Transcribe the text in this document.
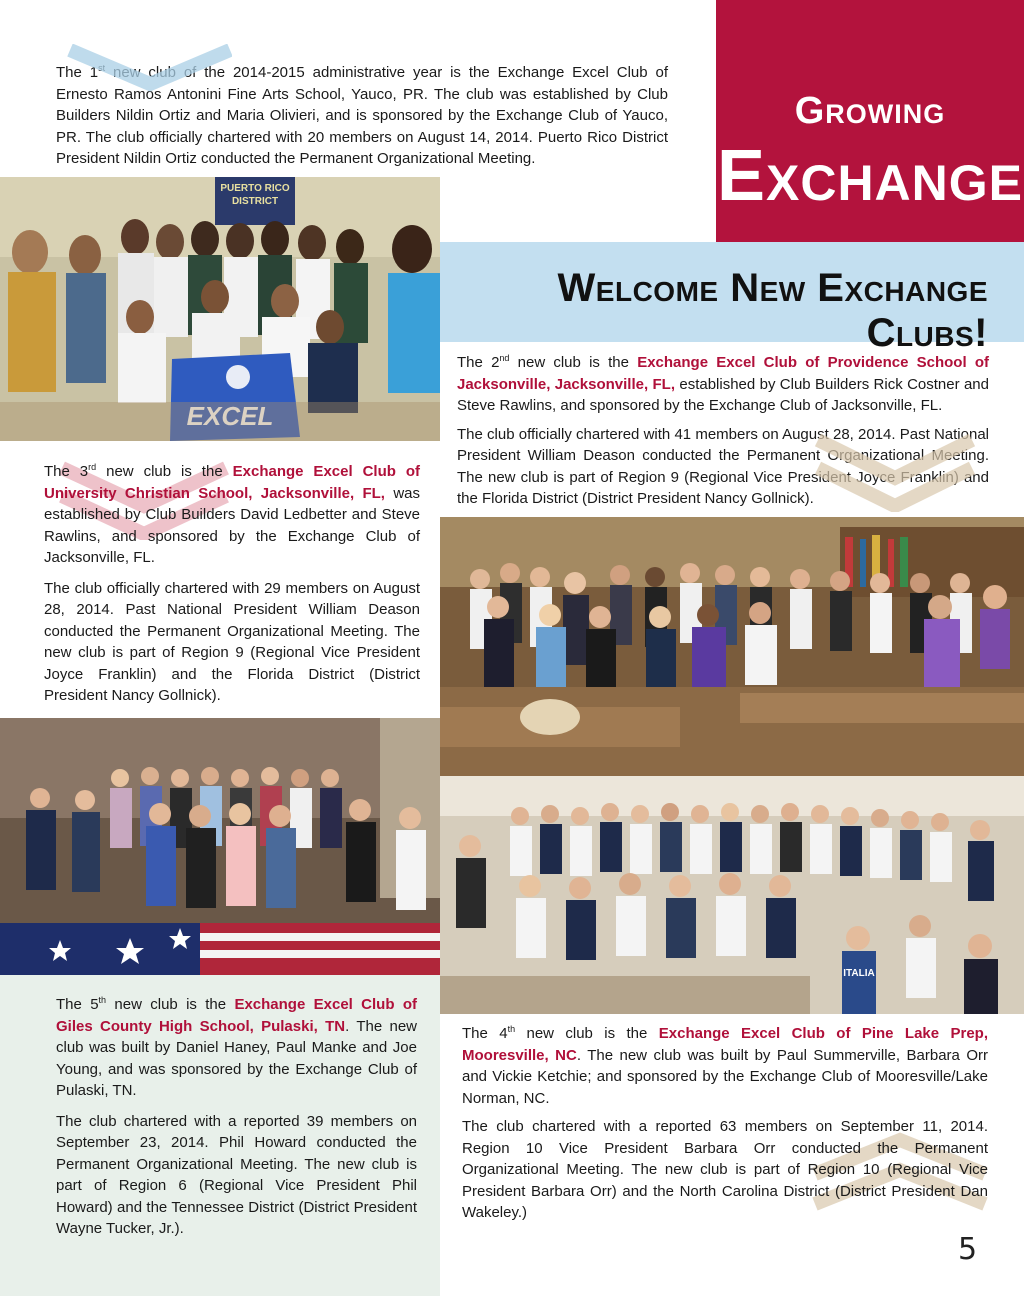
Growing
Exchange

The 1st new club of the 2014-2015 administrative year is the Exchange Excel Club of Ernesto Ramos Antonini Fine Arts School, Yauco, PR. The club was established by Club Builders Nildin Ortiz and Maria Olivieri, and is sponsored by the Exchange Club of Yauco, PR. The club officially chartered with 20 members on August 14, 2014. Puerto Rico District President Nildin Ortiz conducted the Permanent Organizational Meeting.

PUERTO RICO
DISTRICT
EXCEL
Welcome New Exchange Clubs!

The 2nd new club is the Exchange Excel Club of Providence School of Jacksonville, Jacksonville, FL, established by Club Builders Rick Costner and Steve Rawlins, and sponsored by the Exchange Club of Jacksonville, FL.

The club officially chartered with 41 members on August 28, 2014. Past National President William Deason conducted the Permanent Organizational Meeting. The new club is part of Region 9 (Regional Vice President Joyce Franklin) and the Florida District (District President Nancy Gollnick).

The 3rd new club is the Exchange Excel Club of University Christian School, Jacksonville, FL, was established by Club Builders David Ledbetter and Steve Rawlins, and sponsored by the Exchange Club of Jacksonville, FL.

The club officially chartered with 29 members on August 28, 2014. Past National President William Deason conducted the Permanent Organizational Meeting. The new club is part of Region 9 (Regional Vice President Joyce Franklin) and the Florida District (District President Nancy Gollnick).

ITALIA

The 5th new club is the Exchange Excel Club of Giles County High School, Pulaski, TN. The new club was built by Daniel Haney, Paul Manke and Joe Young, and was sponsored by the Exchange Club of Pulaski, TN.

The club chartered with a reported 39 members on September 23, 2014. Phil Howard conducted the Permanent Organizational Meeting. The new club is part of Region 6 (Regional Vice President Phil Howard) and the Tennessee District (District President Wayne Tucker, Jr.).

The 4th new club is the Exchange Excel Club of Pine Lake Prep, Mooresville, NC. The new club was built by Paul Summerville, Barbara Orr and Vickie Ketchie; and sponsored by the Exchange Club of Mooresville/Lake Norman, NC.

The club chartered with a reported 63 members on September 11, 2014. Region 10 Vice President Barbara Orr conducted the Permanent Organizational Meeting. The new club is part of Region 10 (Regional Vice President Barbara Orr) and the North Carolina District (District President Dan Wakeley.)

5
